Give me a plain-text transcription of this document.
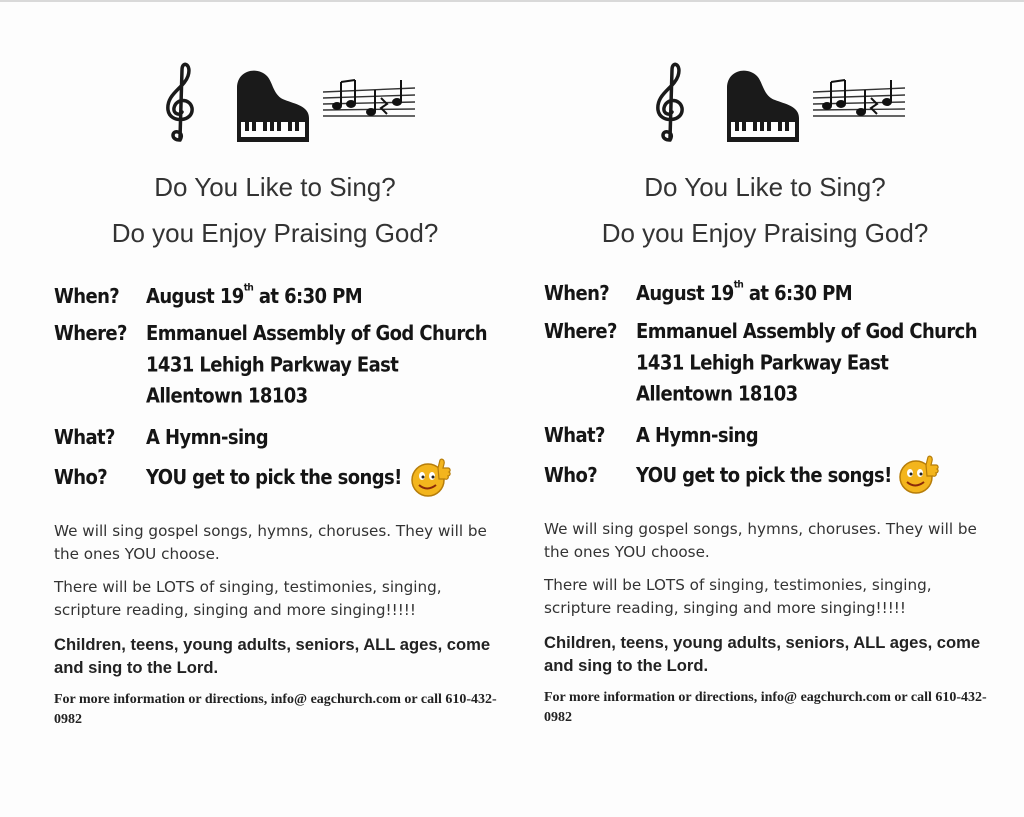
Do You Like to Sing?
Do you Enjoy Praising God?
When? August 19th at 6:30 PM
Where? Emmanuel Assembly of God Church
1431 Lehigh Parkway East
Allentown 18103
What? A Hymn-sing
Who? YOU get to pick the songs!
We will sing gospel songs, hymns, choruses. They will be the ones YOU choose.
There will be LOTS of singing, testimonies, singing, scripture reading, singing and more singing!!!!!
Children, teens, young adults, seniors, ALL ages, come and sing to the Lord.
For more information or directions, info@ eagchurch.com or call 610-432-0982
Do You Like to Sing?
Do you Enjoy Praising God?
When? August 19th at 6:30 PM
Where? Emmanuel Assembly of God Church
1431 Lehigh Parkway East
Allentown 18103
What? A Hymn-sing
Who? YOU get to pick the songs!
We will sing gospel songs, hymns, choruses. They will be the ones YOU choose.
There will be LOTS of singing, testimonies, singing, scripture reading, singing and more singing!!!!!
Children, teens, young adults, seniors, ALL ages, come and sing to the Lord.
For more information or directions, info@ eagchurch.com or call 610-432-0982
